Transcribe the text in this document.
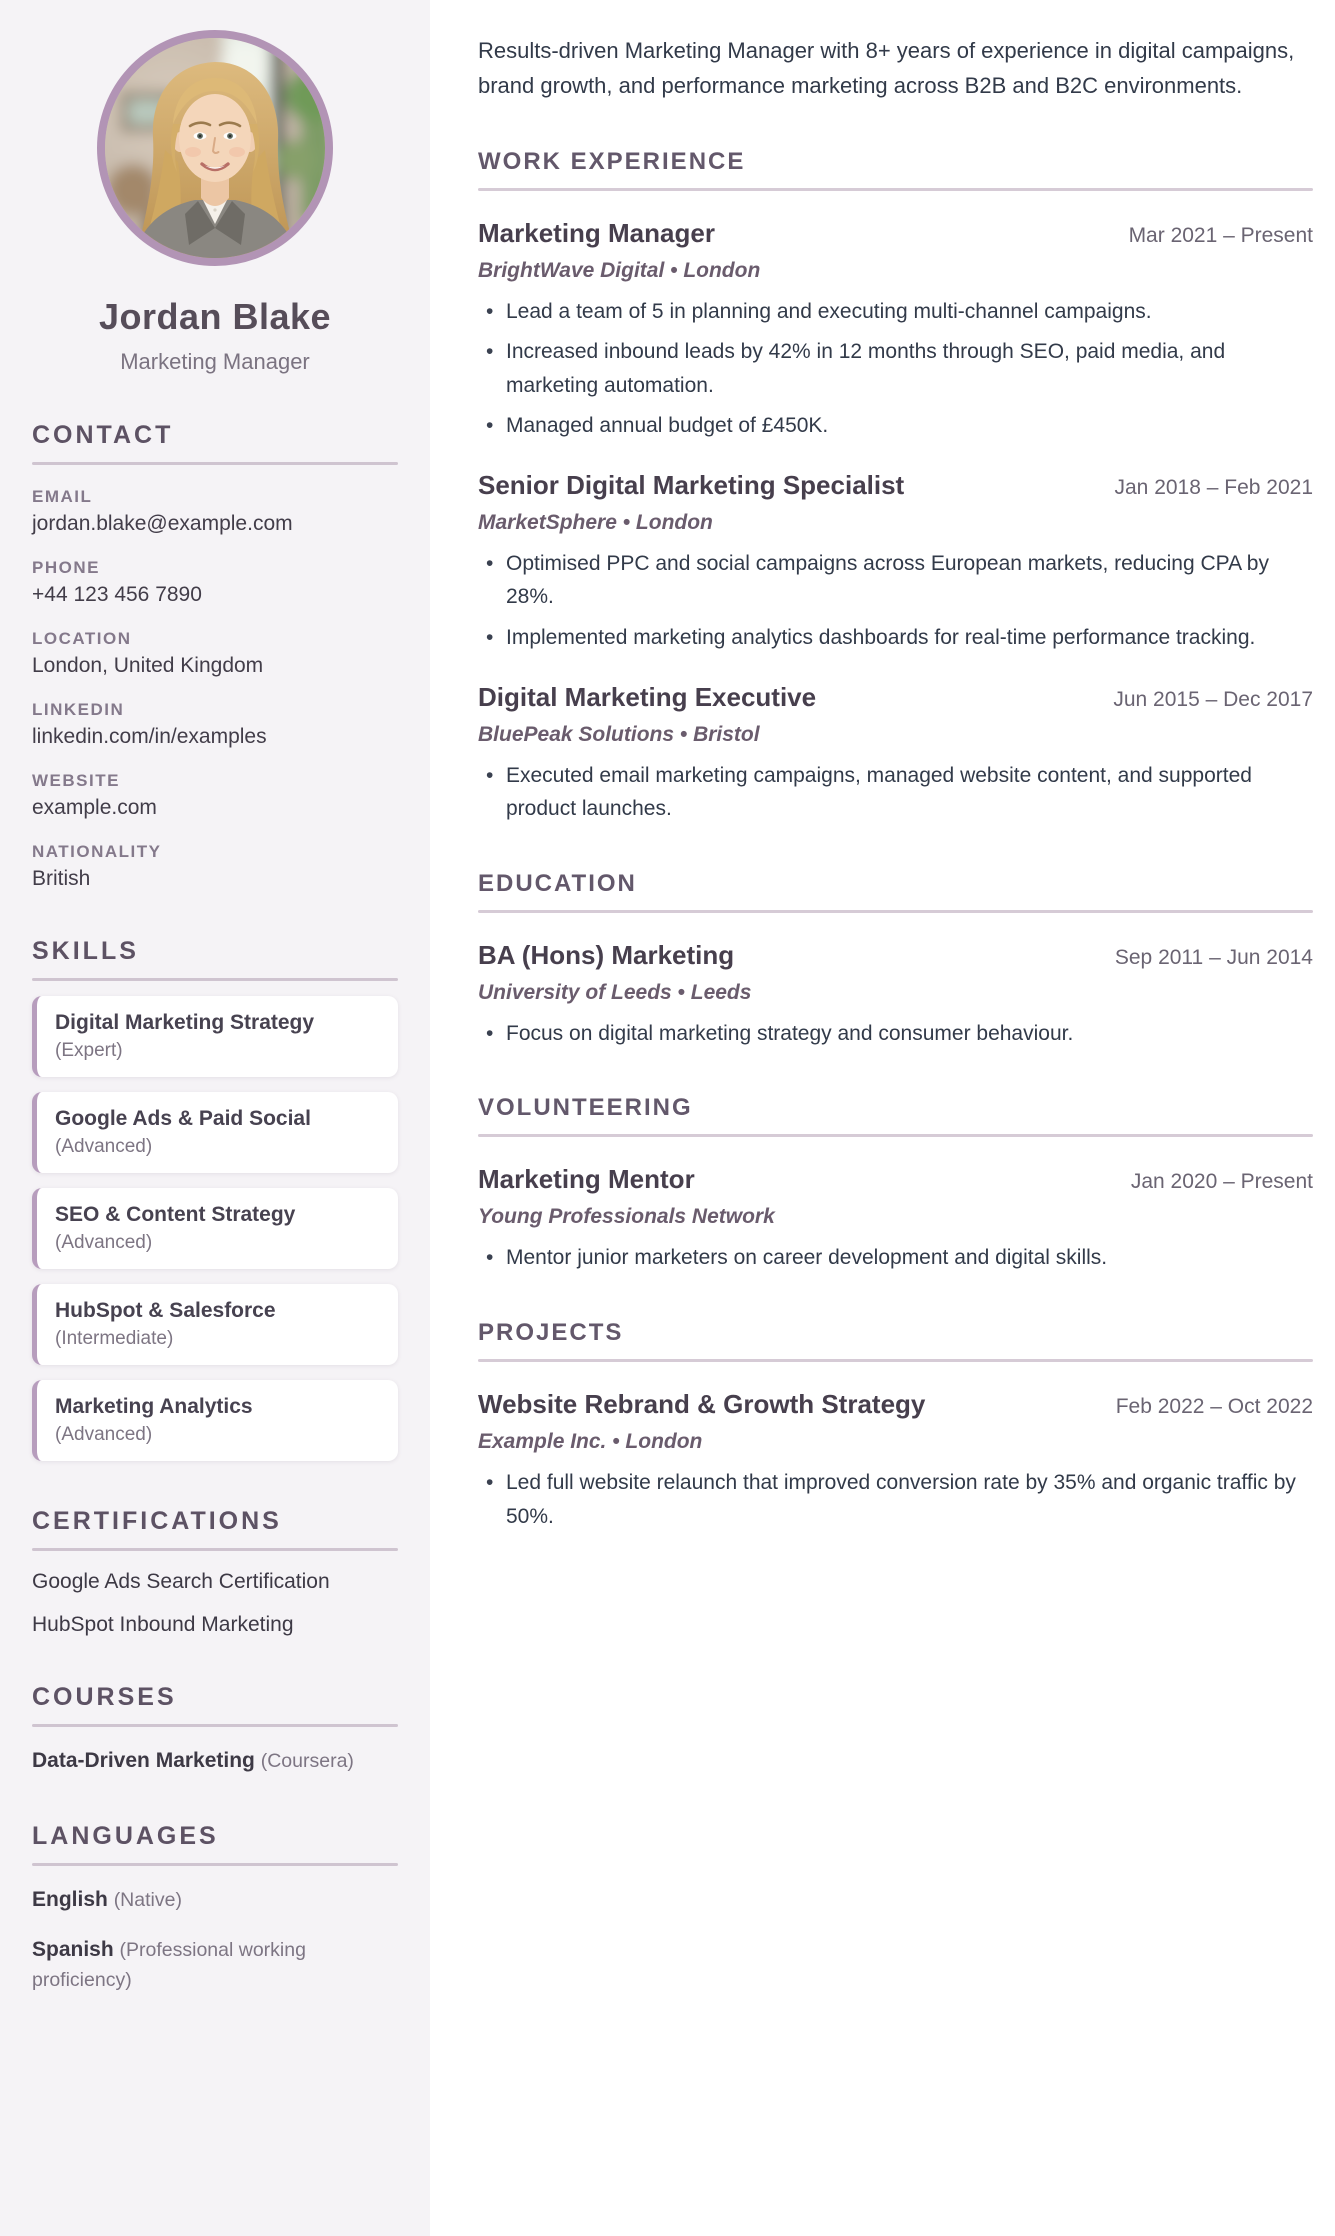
Jordan Blake
Marketing Manager
CONTACT
EMAIL
jordan.blake@example.com
PHONE
+44 123 456 7890
LOCATION
London, United Kingdom
LINKEDIN
linkedin.com/in/examples
WEBSITE
example.com
NATIONALITY
British
SKILLS
Digital Marketing Strategy
(Expert)
Google Ads & Paid Social
(Advanced)
SEO & Content Strategy
(Advanced)
HubSpot & Salesforce
(Intermediate)
Marketing Analytics
(Advanced)
CERTIFICATIONS
Google Ads Search Certification
HubSpot Inbound Marketing
COURSES
Data-Driven Marketing (Coursera)
LANGUAGES
English (Native)
Spanish (Professional working proficiency)

Results-driven Marketing Manager with 8+ years of experience in digital campaigns, brand growth, and performance marketing across B2B and B2C environments.

WORK EXPERIENCE
Marketing Manager	Mar 2021 – Present
BrightWave Digital • London
• Lead a team of 5 in planning and executing multi-channel campaigns.
• Increased inbound leads by 42% in 12 months through SEO, paid media, and marketing automation.
• Managed annual budget of £450K.
Senior Digital Marketing Specialist	Jan 2018 – Feb 2021
MarketSphere • London
• Optimised PPC and social campaigns across European markets, reducing CPA by 28%.
• Implemented marketing analytics dashboards for real-time performance tracking.
Digital Marketing Executive	Jun 2015 – Dec 2017
BluePeak Solutions • Bristol
• Executed email marketing campaigns, managed website content, and supported product launches.
EDUCATION
BA (Hons) Marketing	Sep 2011 – Jun 2014
University of Leeds • Leeds
• Focus on digital marketing strategy and consumer behaviour.
VOLUNTEERING
Marketing Mentor	Jan 2020 – Present
Young Professionals Network
• Mentor junior marketers on career development and digital skills.
PROJECTS
Website Rebrand & Growth Strategy	Feb 2022 – Oct 2022
Example Inc. • London
• Led full website relaunch that improved conversion rate by 35% and organic traffic by 50%.
